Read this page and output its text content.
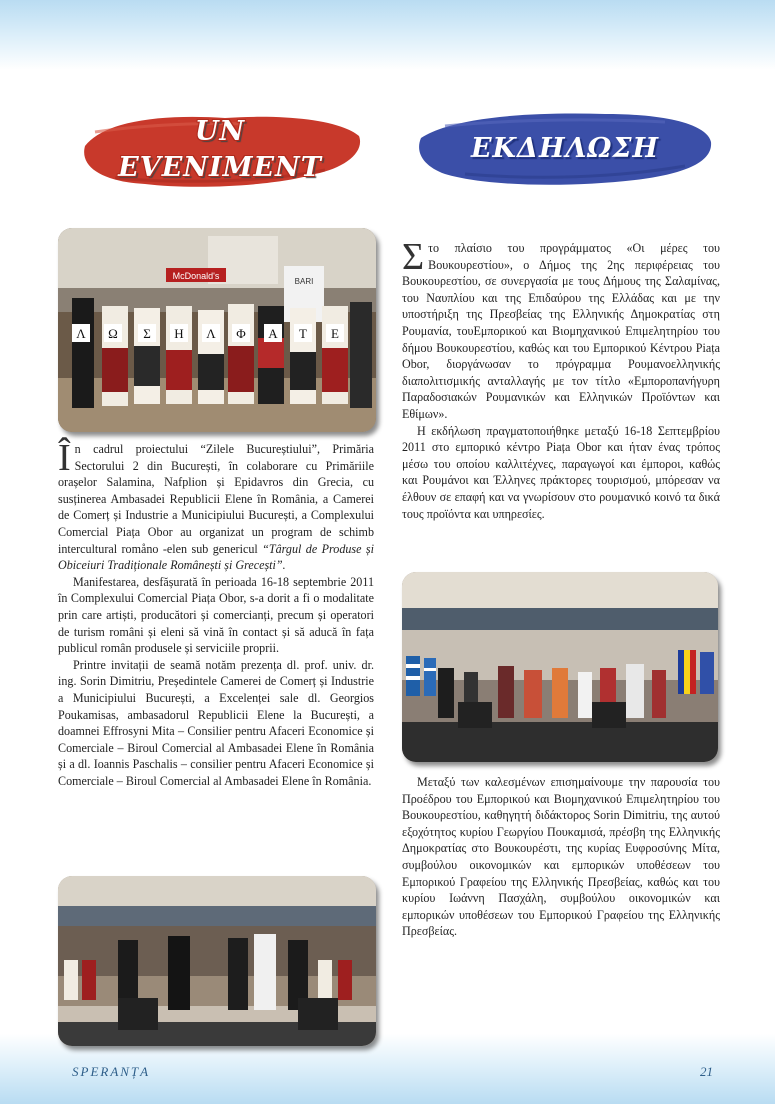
UN
EVENIMENT
ΕΚΔΗΛΩΣΗ
McDonald's
BARI
Λ Ω Σ Η Λ Φ Α Τ Ε

În cadrul proiectului “Zilele Bucureștiului”, Primăria Sectorului 2 din București, în colaborare cu Primăriile orașelor Salamina, Nafplion și Epidavros din Grecia, cu susținerea Ambasadei Republicii Elene în România, a Camerei de Comerț și Industrie a Municipiului București, a Complexului Comercial Piața Obor au organizat un program de schimb intercultural romåno -elen sub genericul “Târgul de Produse și Obiceiuri Tradiționale Românești și Grecești”.

Manifestarea, desfășurată în perioada 16-18 septembrie 2011 în Complexului Comercial Piața Obor, s-a dorit a fi o modalitate prin care artiști, producători și comercianți, precum și operatori de turism români și eleni să vină în contact și să aducă în fața publicul român produsele și serviciile proprii.

Printre invitații de seamă notăm prezența dl. prof. univ. dr. ing. Sorin Dimitriu, Președintele Camerei de Comerț și Industrie a Municipiului București, a Excelenței sale dl. Georgios Poukamisas, ambasadorul Republicii Elene la București, a doamnei Effrosyni Mita – Consilier pentru Afaceri Economice și Comerciale – Biroul Comercial al Ambasadei Elene în România și a dl. Ioannis Paschalis – consilier pentru Afaceri Economice și Comerciale – Biroul Comercial al Ambasadei Elene în România.

Στο πλαίσιο του προγράμματος «Οι μέρες του Βουκουρεστίου», ο Δήμος της 2ης περιφέρειας του Βουκουρεστίου, σε συνεργασία με τους Δήμους της Σαλαμίνας, του Ναυπλίου και της Επιδαύρου της Ελλάδας και με την υποστήριξη της Πρεσβείας της Ελληνικής Δημοκρατίας στη Ρουμανία, τουΕμπορικού και Βιομηχανικού Επιμελητηρίου του δήμου Βουκουρεστίου, καθώς και του Εμπορικού Κέντρου Piața Obor, διοργάνωσαν το πρόγραμμα Ρουμανοελληνικής διαπολιτισμικής ανταλλαγής με τον τίτλο «Εμποροπανήγυρη Παραδοσιακών Ρουμανικών και Ελληνικών Προϊόντων και Εθίμων».

Η εκδήλωση πραγματοποιήθηκε μεταξύ 16-18 Σεπτεμβρίου 2011 στο εμπορικό κέντρο Piața Obor και ήταν ένας τρόπος μέσω του οποίου καλλιτέχνες, παραγωγοί και έμποροι, καθώς και Ρουμάνοι και Έλληνες πράκτορες τουρισμού, μπόρεσαν να έλθουν σε επαφή και να γνωρίσουν στο ρουμανικό κοινό τα δικά τους προϊόντα και υπηρεσίες.

Μεταξύ των καλεσμένων επισημαίνουμε την παρουσία του Προέδρου του Εμπορικού και Βιομηχανικού Επιμελητηρίου του Βουκουρεστίου, καθηγητή διδάκτορος Sorin Dimitriu, της αυτού εξοχότητος κυρίου Γεωργίου Πουκαμισά, πρέσβη της Ελληνικής Δημοκρατίας στο Βουκουρέστι, της κυρίας Ευφροσύνης Μίτα, συμβούλου οικονομικών και εμπορικών υποθέσεων του Εμπορικού Γραφείου της Ελληνικής Πρεσβείας, καθώς και του κυρίου Ιωάννη Πασχάλη, συμβούλου οικονομικών και εμπορικών υποθέσεων του Εμπορικού Γραφείου της Ελληνικής Πρεσβείας.

SPERANȚA	21
